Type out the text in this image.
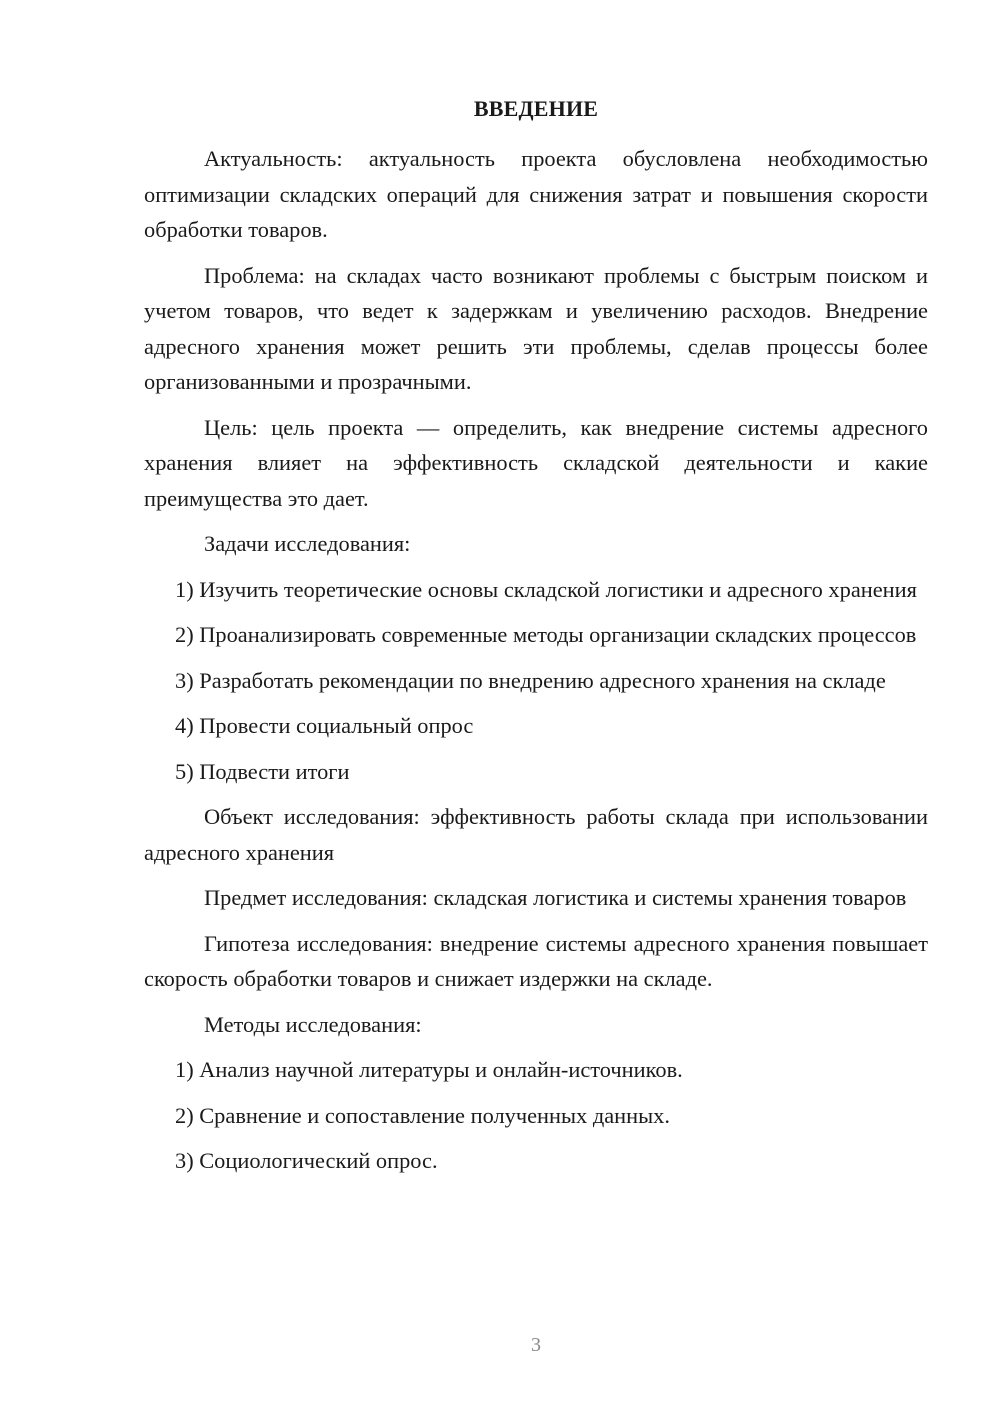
ВВЕДЕНИЕ

Актуальность: актуальность проекта обусловлена необходимостью оптимизации складских операций для снижения затрат и повышения скорости обработки товаров.

Проблема: на складах часто возникают проблемы с быстрым поиском и учетом товаров, что ведет к задержкам и увеличению расходов. Внедрение адресного хранения может решить эти проблемы, сделав процессы более организованными и прозрачными.

Цель: цель проекта — определить, как внедрение системы адресного хранения влияет на эффективность складской деятельности и какие преимущества это дает.

Задачи исследования:

1) Изучить теоретические основы складской логистики и адресного хранения

2) Проанализировать современные методы организации складских процессов

3) Разработать рекомендации по внедрению адресного хранения на складе

4) Провести социальный опрос

5) Подвести итоги

Объект исследования: эффективность работы склада при использовании адресного хранения

Предмет исследования: складская логистика и системы хранения товаров

Гипотеза исследования: внедрение системы адресного хранения повышает скорость обработки товаров и снижает издержки на складе.

Методы исследования:

1) Анализ научной литературы и онлайн-источников.

2) Сравнение и сопоставление полученных данных.

3) Социологический опрос.

3
